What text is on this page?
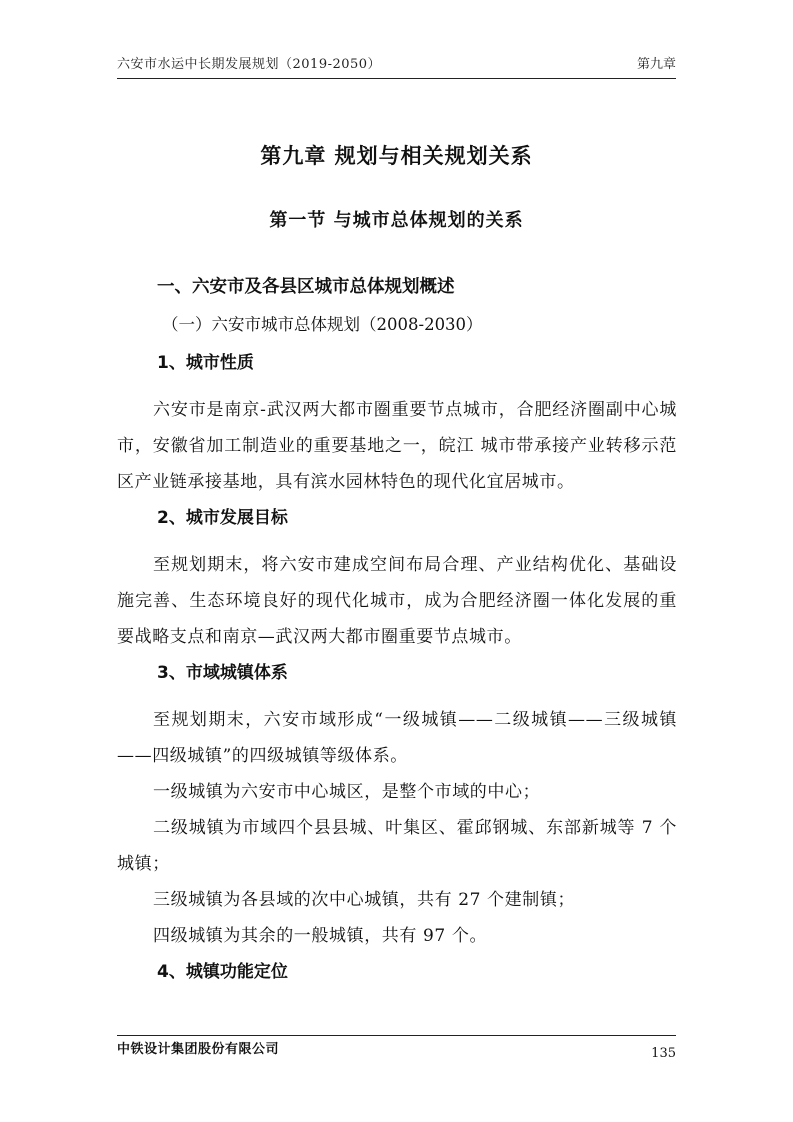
六安市水运中长期发展规划（2019-2050）	第九章
第九章 规划与相关规划关系
第一节 与城市总体规划的关系
一、六安市及各县区城市总体规划概述
（一）六安市城市总体规划（2008-2030）
1、城市性质

六安市是南京-武汉两大都市圈重要节点城市，合肥经济圈副中心城市，安徽省加工制造业的重要基地之一，皖江 城市带承接产业转移示范区产业链承接基地，具有滨水园林特色的现代化宜居城市。

2、城市发展目标

至规划期末，将六安市建成空间布局合理、产业结构优化、基础设施完善、生态环境良好的现代化城市，成为合肥经济圈一体化发展的重要战略支点和南京—武汉两大都市圈重要节点城市。

3、市域城镇体系

至规划期末，六安市域形成“一级城镇——二级城镇——三级城镇——四级城镇”的四级城镇等级体系。

一级城镇为六安市中心城区，是整个市域的中心；

二级城镇为市域四个县县城、叶集区、霍邱钢城、东部新城等 7 个城镇；

三级城镇为各县域的次中心城镇，共有 27 个建制镇；

四级城镇为其余的一般城镇，共有 97 个。

4、城镇功能定位
中铁设计集团股份有限公司	135
